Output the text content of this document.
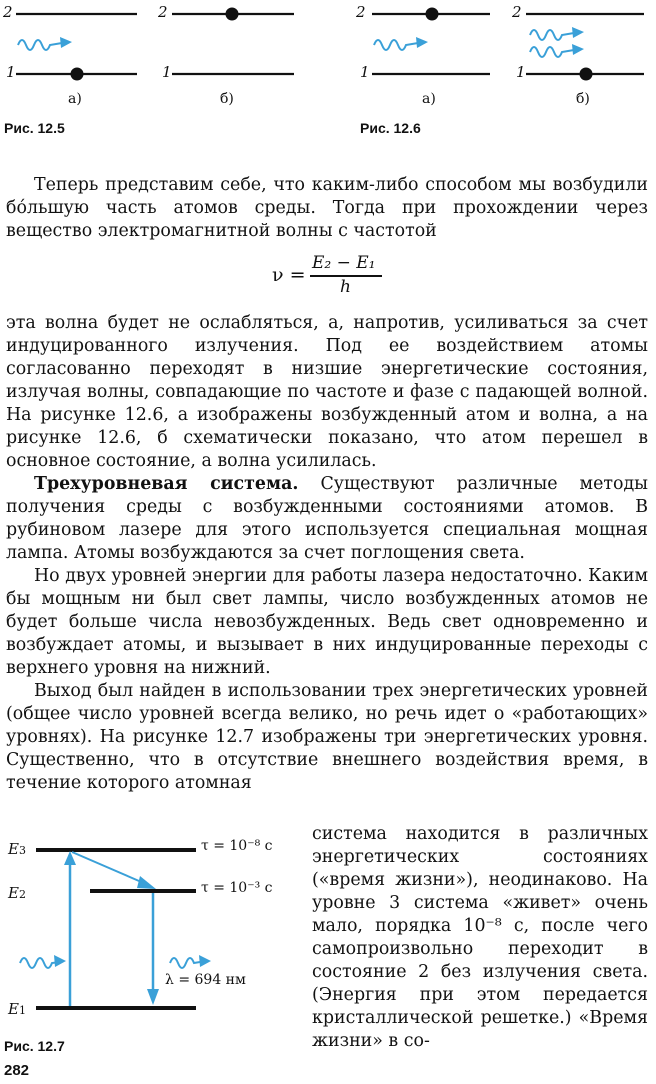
2
1
2
1
а)	б)
Рис. 12.5
2
1
2
1
а)	б)
Рис. 12.6

Теперь представим себе, что каким-либо способом мы возбудили бо́льшую часть атомов среды. Тогда при прохождении через вещество электромагнитной волны с частотой

ν =
E₂ − E₁
h

эта волна будет не ослабляться, а, напротив, усиливаться за счет индуцированного излучения. Под ее воздействием атомы согласованно переходят в низшие энергетические состояния, излучая волны, совпадающие по частоте и фазе с падающей волной. На рисунке 12.6, а изображены возбужденный атом и волна, а на рисунке 12.6, б схематически показано, что атом перешел в основное состояние, а волна усилилась.

Трехуровневая система. Существуют различные методы получения среды с возбужденными состояниями атомов. В рубиновом лазере для этого используется специальная мощная лампа. Атомы возбуждаются за счет поглощения света.

Но двух уровней энергии для работы лазера недостаточно. Каким бы мощным ни был свет лампы, число возбужденных атомов не будет больше числа невозбужденных. Ведь свет одновременно и возбуждает атомы, и вызывает в них индуцированные переходы с верхнего уровня на нижний.

Выход был найден в использовании трех энергетических уровней (общее число уровней всегда велико, но речь идет о «работающих» уровнях). На рисунке 12.7 изображены три энергетических уровня. Существенно, что в отсутствие внешнего воздействия время, в течение которого атомная

E3
E2
E1
τ = 10⁻⁸ с
τ = 10⁻³ с
λ = 694 нм
Рис. 12.7

система находится в различных энергетических состояниях («время жизни»), неодинаково. На уровне 3 система «живет» очень мало, порядка 10⁻⁸ с, после чего самопроизвольно переходит в состояние 2 без излучения света. (Энергия при этом передается кристаллической решетке.) «Время жизни» в со-

282
